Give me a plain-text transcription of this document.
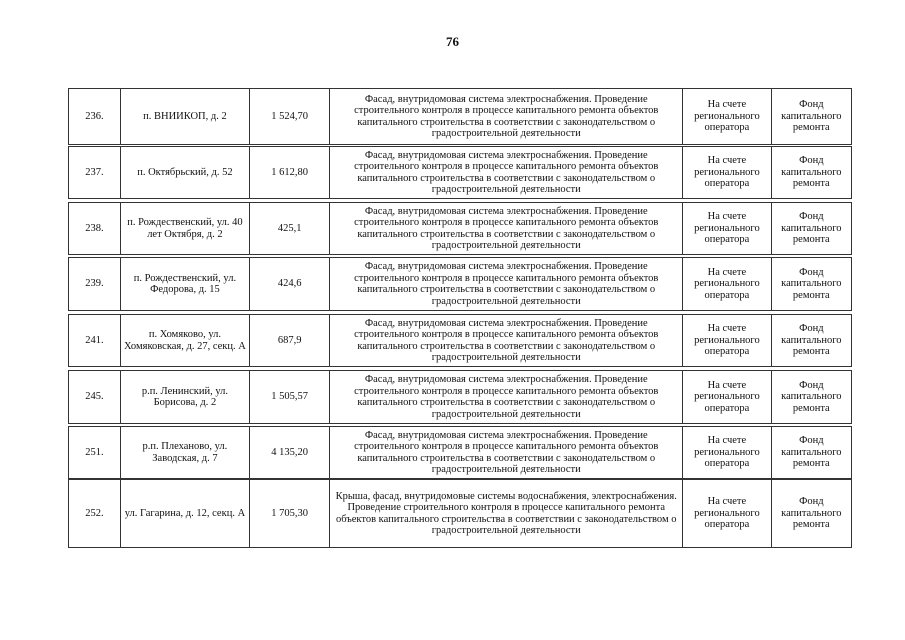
76
236.	п. ВНИИКОП, д. 2	1 524,70	Фасад, внутридомовая система электроснабжения. Проведение строительного контроля в процессе капитального ремонта объектов капитального строительства в соответствии с законодательством о градостроительной деятельности	На счете регионального оператора	Фонд капитального ремонта
237.	п. Октябрьский, д. 52	1 612,80	Фасад, внутридомовая система электроснабжения. Проведение строительного контроля в процессе капитального ремонта объектов капитального строительства в соответствии с законодательством о градостроительной деятельности	На счете регионального оператора	Фонд капитального ремонта
238.	п. Рождественский, ул. 40 лет Октября, д. 2	425,1	Фасад, внутридомовая система электроснабжения. Проведение строительного контроля в процессе капитального ремонта объектов капитального строительства в соответствии с законодательством о градостроительной деятельности	На счете регионального оператора	Фонд капитального ремонта
239.	п. Рождественский, ул. Федорова, д. 15	424,6	Фасад, внутридомовая система электроснабжения. Проведение строительного контроля в процессе капитального ремонта объектов капитального строительства в соответствии с законодательством о градостроительной деятельности	На счете регионального оператора	Фонд капитального ремонта
241.	п. Хомяково, ул. Хомяковская, д. 27, секц. А	687,9	Фасад, внутридомовая система электроснабжения. Проведение строительного контроля в процессе капитального ремонта объектов капитального строительства в соответствии с законодательством о градостроительной деятельности	На счете регионального оператора	Фонд капитального ремонта
245.	р.п. Ленинский, ул. Борисова, д. 2	1 505,57	Фасад, внутридомовая система электроснабжения. Проведение строительного контроля в процессе капитального ремонта объектов капитального строительства в соответствии с законодательством о градостроительной деятельности	На счете регионального оператора	Фонд капитального ремонта
251.	р.п. Плеханово, ул. Заводская, д. 7	4 135,20	Фасад, внутридомовая система электроснабжения. Проведение строительного контроля в процессе капитального ремонта объектов капитального строительства в соответствии с законодательством о градостроительной деятельности	На счете регионального оператора	Фонд капитального ремонта
252.	ул. Гагарина, д. 12, секц. А	1 705,30	Крыша, фасад, внутридомовые системы водоснабжения, электроснабжения. Проведение строительного контроля в процессе капитального ремонта объектов капитального строительства в соответствии с законодательством о градостроительной деятельности	На счете регионального оператора	Фонд капитального ремонта
